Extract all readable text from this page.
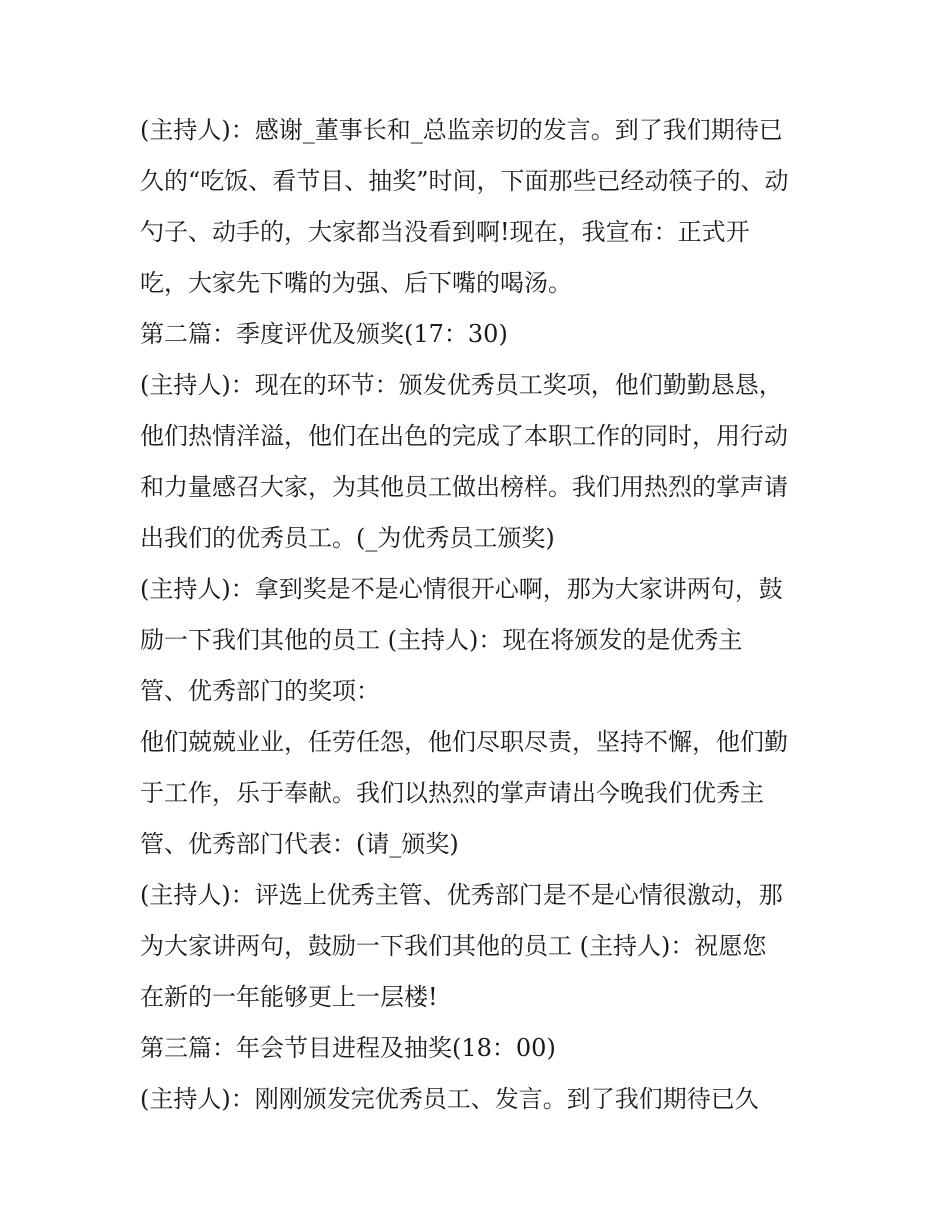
(主持人)：感谢_董事长和_总监亲切的发言。到了我们期待已
久的“吃饭、看节目、抽奖”时间，下面那些已经动筷子的、动
勺子、动手的，大家都当没看到啊!现在，我宣布：正式开
吃，大家先下嘴的为强、后下嘴的喝汤。
第二篇：季度评优及颁奖(17：30)
(主持人)：现在的环节：颁发优秀员工奖项，他们勤勤恳恳，
他们热情洋溢，他们在出色的完成了本职工作的同时，用行动
和力量感召大家，为其他员工做出榜样。我们用热烈的掌声请
出我们的优秀员工。(_为优秀员工颁奖)
(主持人)：拿到奖是不是心情很开心啊，那为大家讲两句，鼓
励一下我们其他的员工 (主持人)：现在将颁发的是优秀主
管、优秀部门的奖项：
他们兢兢业业，任劳任怨，他们尽职尽责，坚持不懈，他们勤
于工作，乐于奉献。我们以热烈的掌声请出今晚我们优秀主
管、优秀部门代表：(请_颁奖)
(主持人)：评选上优秀主管、优秀部门是不是心情很激动，那
为大家讲两句，鼓励一下我们其他的员工 (主持人)：祝愿您
在新的一年能够更上一层楼!
第三篇：年会节目进程及抽奖(18：00)
(主持人)：刚刚颁发完优秀员工、发言。到了我们期待已久
